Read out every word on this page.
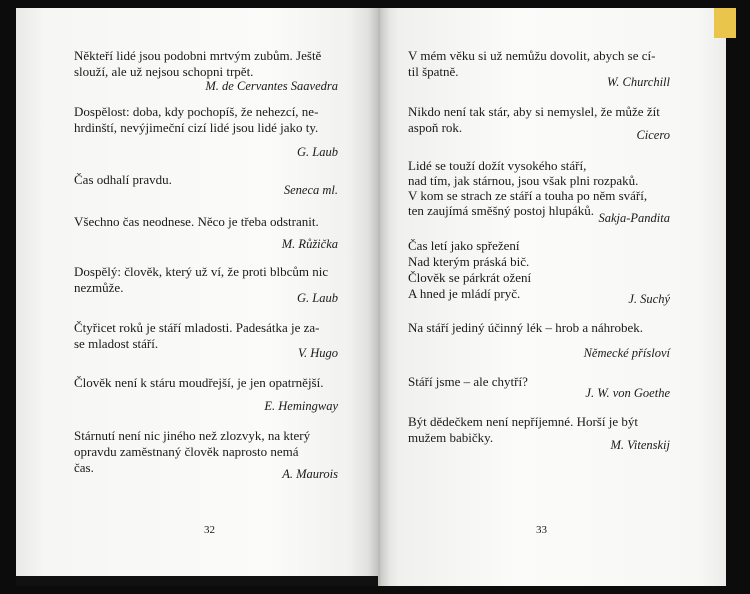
Někteří lidé jsou podobni mrtvým zubům. Ještě
slouží, ale už nejsou schopni trpět.
M. de Cervantes Saavedra
Dospělost: doba, kdy pochopíš, že nehezcí, ne-
hrdinští, nevýjimeční cizí lidé jsou lidé jako ty.
G. Laub
Čas odhalí pravdu.
Seneca ml.
Všechno čas neodnese. Něco je třeba odstranit.
M. Růžička
Dospělý: člověk, který už ví, že proti blbcům nic
nezmůže.
G. Laub
Čtyřicet roků je stáří mladosti. Padesátka je za-
se mladost stáří.
V. Hugo
Člověk není k stáru moudřejší, je jen opatrnější.
E. Hemingway
Stárnutí není nic jiného než zlozvyk, na který
opravdu zaměstnaný člověk naprosto nemá
čas.	A. Maurois
32
V mém věku si už nemůžu dovolit, abych se cí-
til špatně.
W. Churchill
Nikdo není tak stár, aby si nemyslel, že může žít
aspoň rok.	Cicero
Lidé se touží dožít vysokého stáří,
nad tím, jak stárnou, jsou však plni rozpaků.
V kom se strach ze stáří a touha po něm sváří,
ten zaujímá směšný postoj hlupáků. Sakja-Pandita
Čas letí jako spřežení
Nad kterým práská bič.
Člověk se párkrát ožení
A hned je mládí pryč.	J. Suchý
Na stáří jediný účinný lék – hrob a náhrobek.
Německé přísloví
Stáří jsme – ale chytří?
J. W. von Goethe
Být dědečkem není nepříjemné. Horší je být
mužem babičky.	M. Vitenskij
33
